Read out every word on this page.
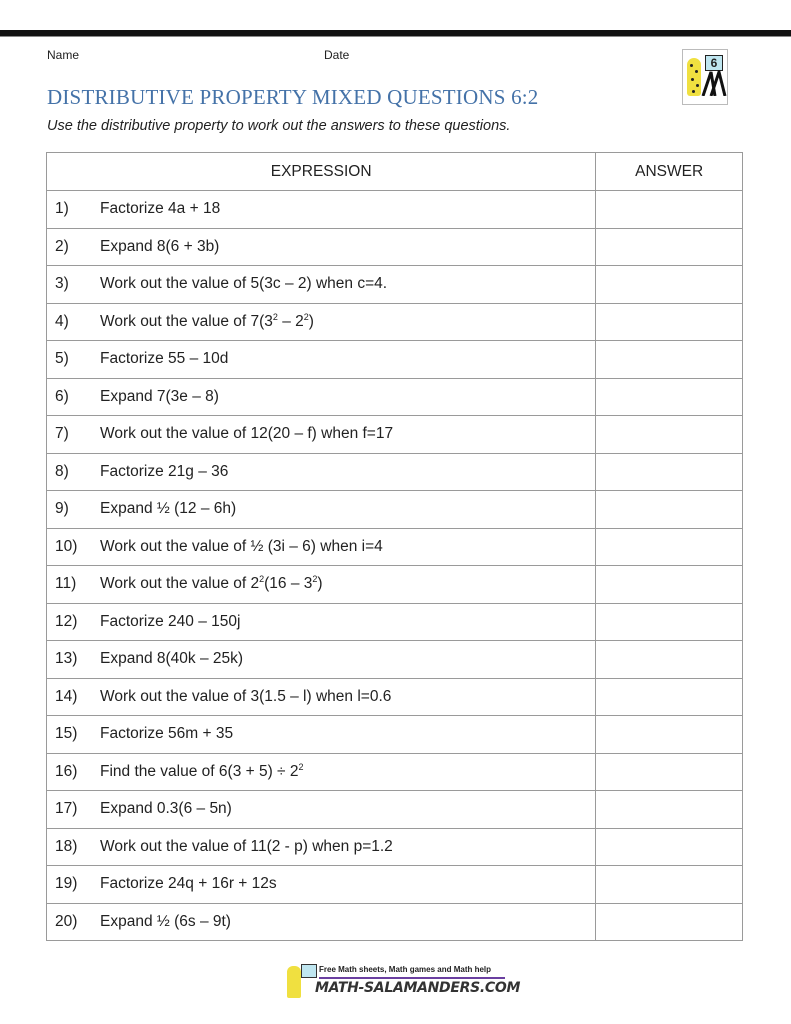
Name	Date
6
DISTRIBUTIVE PROPERTY MIXED QUESTIONS 6:2
Use the distributive property to work out the answers to these questions.
EXPRESSION	ANSWER
1) Factorize 4a + 18	
2) Expand 8(6 + 3b)	
3) Work out the value of 5(3c – 2) when c=4.	
4) Work out the value of $7(3^2 - 2^2)$	
5) Factorize 55 – 10d	
6) Expand 7(3e – 8)	
7) Work out the value of 12(20 – f) when f=17	
8) Factorize 21g – 36	
9) Expand ½ (12 – 6h)	
10) Work out the value of ½ (3i – 6) when i=4	
11) Work out the value of $2^2(16 - 3^2)$	
12) Factorize 240 – 150j	
13) Expand 8(40k – 25k)	
14) Work out the value of 3(1.5 – l) when l=0.6	
15) Factorize 56m + 35	
16) Find the value of $6(3 + 5) \div 2^2$	
17) Expand 0.3(6 – 5n)	
18) Work out the value of 11(2 - p) when p=1.2	
19) Factorize 24q + 16r + 12s	
20) Expand ½ (6s – 9t)	
Free Math sheets, Math games and Math help
MATH-SALAMANDERS.COM
